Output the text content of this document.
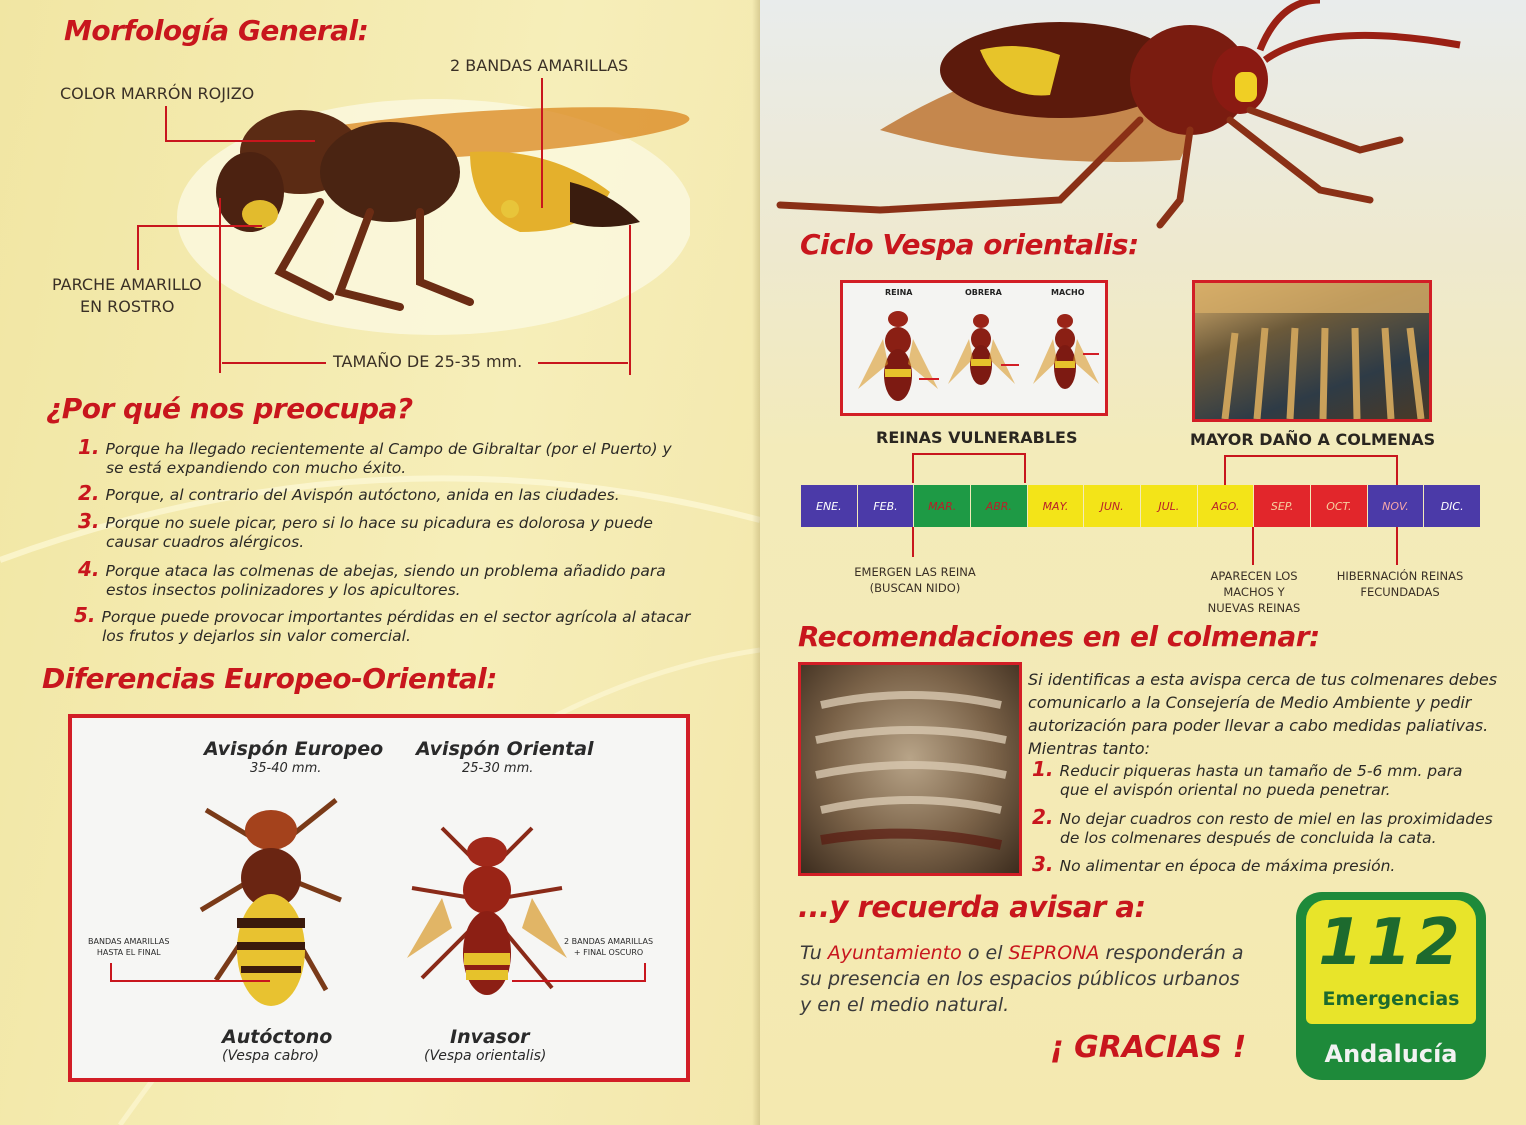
Morfología General:
COLOR MARRÓN ROJIZO
2 BANDAS AMARILLAS
PARCHE AMARILLO
EN ROSTRO
TAMAÑO DE 25-35 mm.
¿Por qué nos preocupa?
1. Porque ha llegado recientemente al Campo de Gibraltar (por el Puerto) y
se está expandiendo con mucho éxito.
2. Porque, al contrario del Avispón autóctono, anida en las ciudades.
3. Porque no suele picar, pero si lo hace su picadura es dolorosa y puede
causar cuadros alérgicos.
4. Porque ataca las colmenas de abejas, siendo un problema añadido para
estos insectos polinizadores y los apicultores.
5. Porque puede provocar importantes pérdidas en el sector agrícola al atacar
los frutos y dejarlos sin valor comercial.
Diferencias Europeo-Oriental:
Avispón Europeo
35-40 mm.
Avispón Oriental
25-30 mm.
BANDAS AMARILLAS
HASTA EL FINAL
2 BANDAS AMARILLAS
+ FINAL OSCURO
Autóctono
(Vespa cabro)
Invasor
(Vespa orientalis)
Ciclo Vespa orientalis:
REINA	OBRERA	MACHO
REINAS VULNERABLES	MAYOR DAÑO A COLMENAS
ENE.	FEB.	MAR.	ABR.	MAY.	JUN.	JUL.	AGO.	SEP.	OCT.	NOV.	DIC.
EMERGEN LAS REINA
(BUSCAN NIDO)
APARECEN LOS
MACHOS Y
NUEVAS REINAS
HIBERNACIÓN REINAS
FECUNDADAS
Recomendaciones en el colmenar:
Si identificas a esta avispa cerca de tus colmenares debes
comunicarlo a la Consejería de Medio Ambiente y pedir
autorización para poder llevar a cabo medidas paliativas.
Mientras tanto:
1. Reducir piqueras hasta un tamaño de 5-6 mm. para
que el avispón oriental no pueda penetrar.
2. No dejar cuadros con resto de miel en las proximidades
de los colmenares después de concluida la cata.
3. No alimentar en época de máxima presión.
...y recuerda avisar a:
Tu Ayuntamiento o el SEPRONA responderán a
su presencia en los espacios públicos urbanos
y en el medio natural.
¡ GRACIAS !
112
Emergencias
Andalucía
